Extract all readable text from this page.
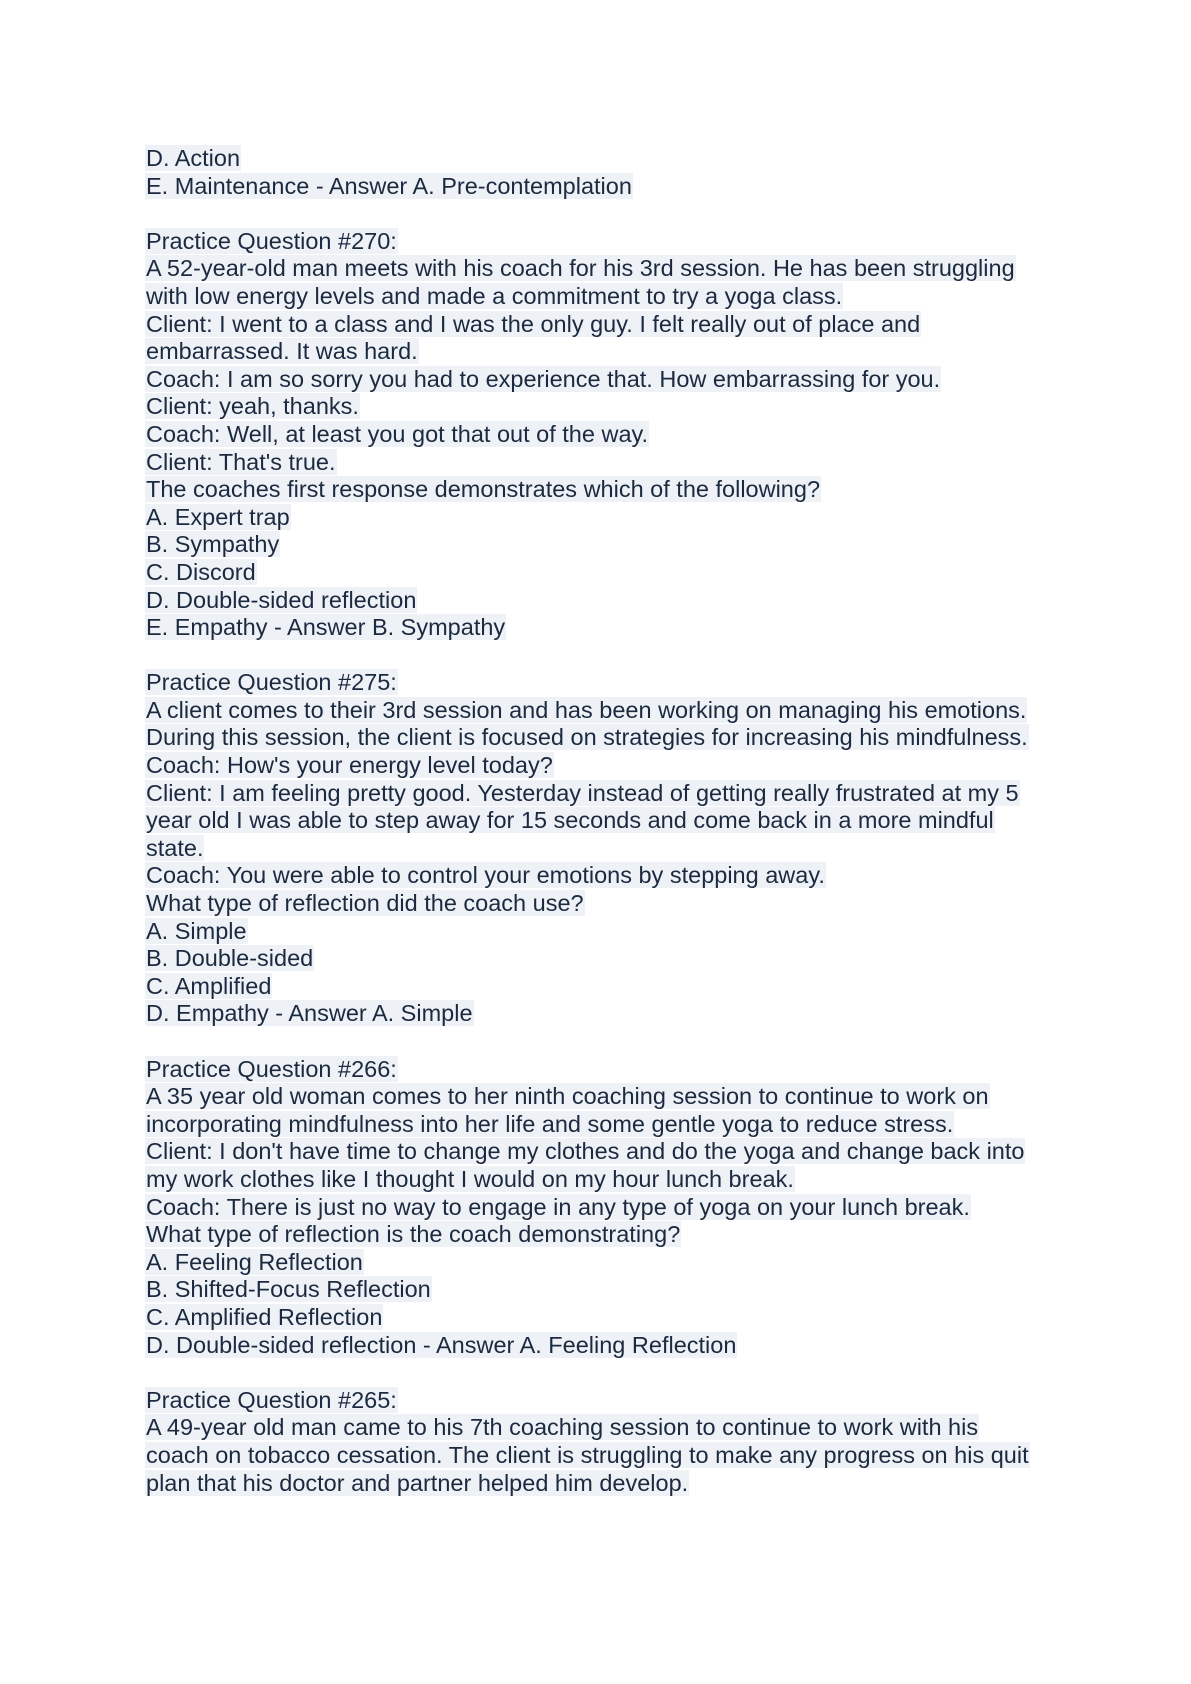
D. Action
E. Maintenance - Answer A. Pre-contemplation
Practice Question #270:
A 52-year-old man meets with his coach for his 3rd session. He has been struggling
with low energy levels and made a commitment to try a yoga class.
Client: I went to a class and I was the only guy. I felt really out of place and
embarrassed. It was hard.
Coach: I am so sorry you had to experience that. How embarrassing for you.
Client: yeah, thanks.
Coach: Well, at least you got that out of the way.
Client: That's true.
The coaches first response demonstrates which of the following?
A. Expert trap
B. Sympathy
C. Discord
D. Double-sided reflection
E. Empathy - Answer B. Sympathy
Practice Question #275:
A client comes to their 3rd session and has been working on managing his emotions.
During this session, the client is focused on strategies for increasing his mindfulness.
Coach: How's your energy level today?
Client: I am feeling pretty good. Yesterday instead of getting really frustrated at my 5
year old I was able to step away for 15 seconds and come back in a more mindful
state.
Coach: You were able to control your emotions by stepping away.
What type of reflection did the coach use?
A. Simple
B. Double-sided
C. Amplified
D. Empathy - Answer A. Simple
Practice Question #266:
A 35 year old woman comes to her ninth coaching session to continue to work on
incorporating mindfulness into her life and some gentle yoga to reduce stress.
Client: I don't have time to change my clothes and do the yoga and change back into
my work clothes like I thought I would on my hour lunch break.
Coach: There is just no way to engage in any type of yoga on your lunch break.
What type of reflection is the coach demonstrating?
A. Feeling Reflection
B. Shifted-Focus Reflection
C. Amplified Reflection
D. Double-sided reflection - Answer A. Feeling Reflection
Practice Question #265:
A 49-year old man came to his 7th coaching session to continue to work with his
coach on tobacco cessation. The client is struggling to make any progress on his quit
plan that his doctor and partner helped him develop.
